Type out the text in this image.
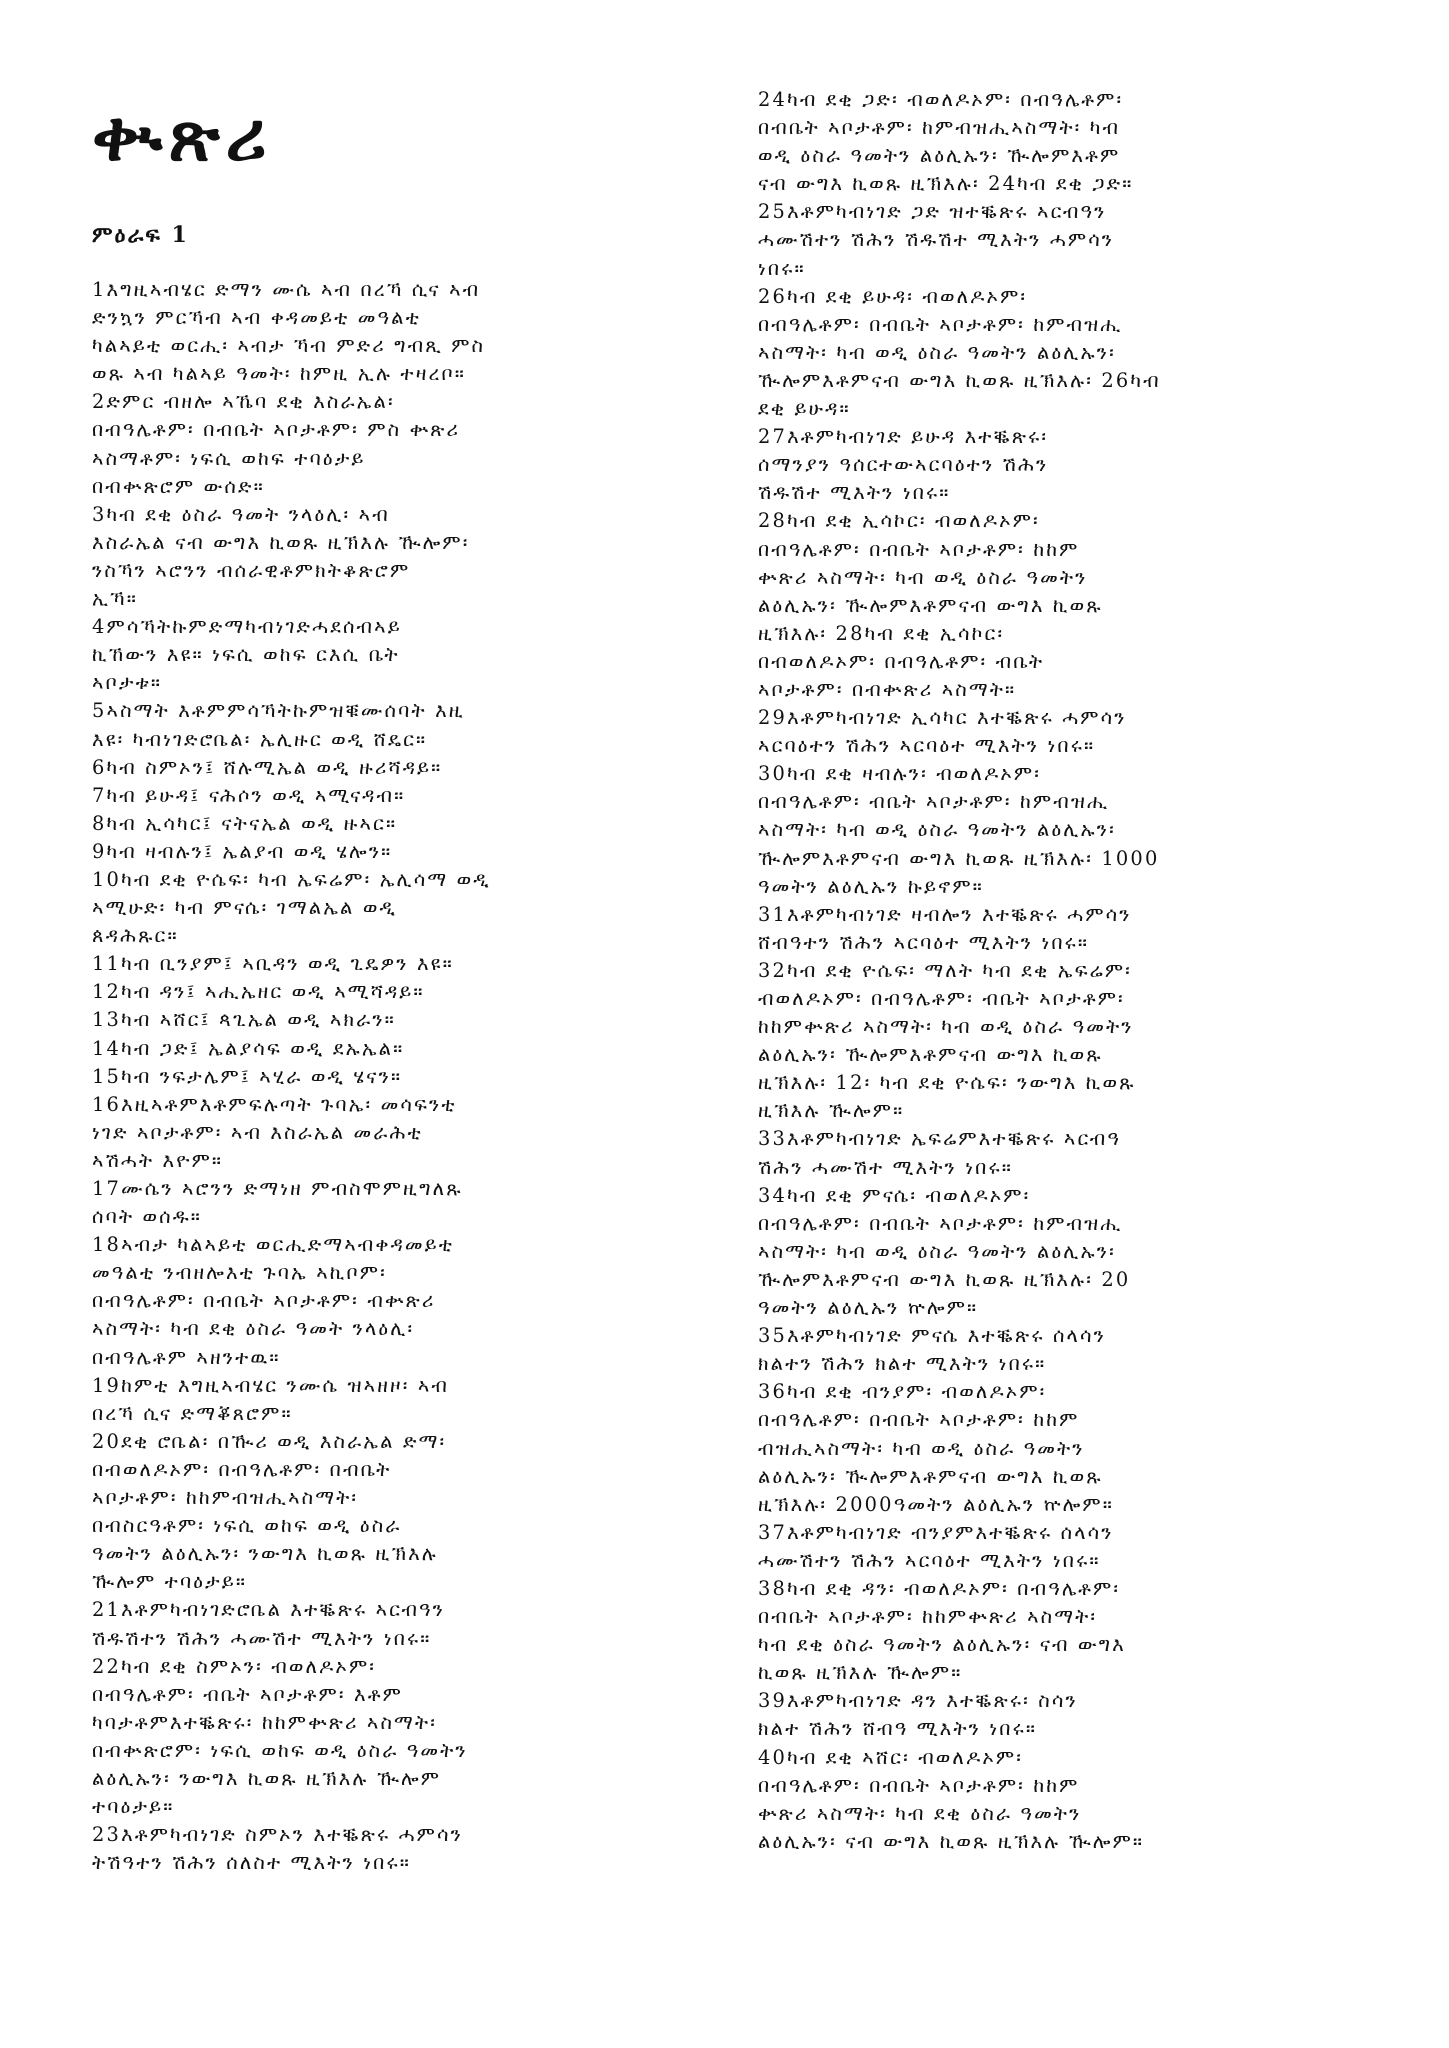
ቊጽሪ
ምዕራፍ 1
1እግዚኣብሄር ድማን ሙሴ ኣብ በረኻ ሲና ኣብ
ድንኳን ምርኻብ ኣብ ቀዳመይቲ መዓልቲ
ካልኣይቲ ወርሒ፡ ኣብታ ኻብ ምድሪ ግብጺ ምስ
ወጹ ኣብ ካልኣይ ዓመት፡ ከምዚ ኢሉ ተዛረቦ።
2ድምር ብዘሎ ኣኼባ ደቂ እስራኤል፡
በብዓሌቶም፡ በብቤት ኣቦታቶም፡ ምስ ቍጽሪ
ኣስማቶም፡ ነፍሲ ወከፍ ተባዕታይ
በብቍጽሮም ውሰድ።
3ካብ ደቂ ዕስራ ዓመት ንላዕሊ፡ ኣብ
እስራኤል ናብ ውግእ ኪወጹ ዚኽእሉ ዂሎም፡
ንስኻን ኣሮንን ብሰራዊቶምክትቆጽሮም
ኢኻ።
4ምሳኻትኩምድማካብነገድሓደሰብኣይ
ኪኸውን እዩ። ነፍሲ ወከፍ ርእሲ ቤት
ኣቦታቱ።
5ኣስማት እቶምምሳኻትኩምዝቑሙሰባት እዚ
እዩ፡ ካብነገድሮቤል፡ ኤሊዙር ወዲ ሸዴር።
6ካብ ስምኦን፤ ሸሉሚኤል ወዲ ዙሪሻዳይ።
7ካብ ይሁዳ፤ ናሕሶን ወዲ ኣሚናዳብ።
8ካብ ኢሳካር፤ ናትናኤል ወዲ ዙኣር።
9ካብ ዛብሉን፤ ኤልያብ ወዲ ሄሎን።
10ካብ ደቂ ዮሴፍ፡ ካብ ኤፍሬም፡ ኤሊሳማ ወዲ
ኣሚሁድ፡ ካብ ምናሴ፡ ገማልኤል ወዲ
ጰዳሕጹር።
11ካብ ቢንያም፤ ኣቢዳን ወዲ ጊዴዎን እዩ።
12ካብ ዳን፤ ኣሒኤዘር ወዲ ኣሚሻዳይ።
13ካብ ኣሸር፤ ጳጊኤል ወዲ ኣክራን።
14ካብ ጋድ፤ ኤልያሳፍ ወዲ ደኡኤል።
15ካብ ንፍታሌም፤ ኣሂራ ወዲ ሄናን።
16እዚኣቶምእቶምፍሉጣት ጉባኤ፡ መሳፍንቲ
ነገድ ኣቦታቶም፡ ኣብ እስራኤል መራሕቲ
ኣሽሓት እዮም።
17ሙሴን ኣሮንን ድማነዘ ምብስሞምዚግለጹ
ሰባት ወሰዱ።
18ኣብታ ካልኣይቲ ወርሒድማኣብቀዳመይቲ
መዓልቲ ንብዘሎእቲ ጉባኤ ኣኪቦም፡
በብዓሌቶም፡ በብቤት ኣቦታቶም፡ ብቍጽሪ
ኣስማት፡ ካብ ደቂ ዕስራ ዓመት ንላዕሊ፡
በብዓሌቶም ኣዘንተዉ።
19ከምቲ እግዚኣብሄር ንሙሴ ዝኣዘዞ፡ ኣብ
በረኻ ሲና ድማቖጸሮም።
20ደቂ ሮቤል፡ በዂሪ ወዲ እስራኤል ድማ፡
በብወለዶኦም፡ በብዓሌቶም፡ በብቤት
ኣቦታቶም፡ ከከምብዝሒኣስማት፡
በብስርዓቶም፡ ነፍሲ ወከፍ ወዲ ዕስራ
ዓመትን ልዕሊኡን፡ ንውግእ ኪወጹ ዚኽእሉ
ዂሎም ተባዕታይ።
21እቶምካብነገድሮቤል እተቘጽሩ ኣርብዓን
ሽዱሽተን ሽሕን ሓሙሽተ ሚእትን ነበሩ።
22ካብ ደቂ ስምኦን፡ ብወለዶኦም፡
በብዓሌቶም፡ ብቤት ኣቦታቶም፡ እቶም
ካባታቶምእተቘጽሩ፡ ከከምቍጽሪ ኣስማት፡
በብቍጽሮም፡ ነፍሲ ወከፍ ወዲ ዕስራ ዓመትን
ልዕሊኡን፡ ንውግእ ኪወጹ ዚኽእሉ ዂሎም
ተባዕታይ።
23እቶምካብነገድ ስምኦን እተቘጽሩ ሓምሳን
ትሽዓተን ሽሕን ሰለስተ ሚእትን ነበሩ።
24ካብ ደቂ ጋድ፡ ብወለዶኦም፡ በብዓሌቶም፡
በብቤት ኣቦታቶም፡ ከምብዝሒኣስማት፡ ካብ
ወዲ ዕስራ ዓመትን ልዕሊኡን፡ ዂሎምእቶም
ናብ ውግእ ኪወጹ ዚኽእሉ፡ 24ካብ ደቂ ጋድ።
25እቶምካብነገድ ጋድ ዝተቘጽሩ ኣርብዓን
ሓሙሽተን ሽሕን ሽዱሽተ ሚእትን ሓምሳን
ነበሩ።
26ካብ ደቂ ይሁዳ፡ ብወለዶኦም፡
በብዓሌቶም፡ በብቤት ኣቦታቶም፡ ከምብዝሒ
ኣስማት፡ ካብ ወዲ ዕስራ ዓመትን ልዕሊኡን፡
ዂሎምእቶምናብ ውግእ ኪወጹ ዚኽእሉ፡ 26ካብ
ደቂ ይሁዳ።
27እቶምካብነገድ ይሁዳ እተቘጽሩ፡
ሰማንያን ዓሰርተውኣርባዕተን ሽሕን
ሽዱሽተ ሚእትን ነበሩ።
28ካብ ደቂ ኢሳኮር፡ ብወለዶኦም፡
በብዓሌቶም፡ በብቤት ኣቦታቶም፡ ከከም
ቍጽሪ ኣስማት፡ ካብ ወዲ ዕስራ ዓመትን
ልዕሊኡን፡ ዂሎምእቶምናብ ውግእ ኪወጹ
ዚኽእሉ፡ 28ካብ ደቂ ኢሳኮር፡
በብወለዶኦም፡ በብዓሌቶም፡ ብቤት
ኣቦታቶም፡ በብቍጽሪ ኣስማት።
29እቶምካብነገድ ኢሳካር እተቘጽሩ ሓምሳን
ኣርባዕተን ሽሕን ኣርባዕተ ሚእትን ነበሩ።
30ካብ ደቂ ዛብሉን፡ ብወለዶኦም፡
በብዓሌቶም፡ ብቤት ኣቦታቶም፡ ከምብዝሒ
ኣስማት፡ ካብ ወዲ ዕስራ ዓመትን ልዕሊኡን፡
ዂሎምእቶምናብ ውግእ ኪወጹ ዚኽእሉ፡ 1000
ዓመትን ልዕሊኡን ኩይኖም።
31እቶምካብነገድ ዛብሎን እተቘጽሩ ሓምሳን
ሸብዓተን ሽሕን ኣርባዕተ ሚእትን ነበሩ።
32ካብ ደቂ ዮሴፍ፡ ማለት ካብ ደቂ ኤፍሬም፡
ብወለዶኦም፡ በብዓሌቶም፡ ብቤት ኣቦታቶም፡
ከከምቍጽሪ ኣስማት፡ ካብ ወዲ ዕስራ ዓመትን
ልዕሊኡን፡ ዂሎምእቶምናብ ውግእ ኪወጹ
ዚኽእሉ፡ 12፡ ካብ ደቂ ዮሴፍ፡ ንውግእ ኪወጹ
ዚኽእሉ ዂሎም።
33እቶምካብነገድ ኤፍሬምእተቘጽሩ ኣርብዓ
ሽሕን ሓሙሽተ ሚእትን ነበሩ።
34ካብ ደቂ ምናሴ፡ ብወለዶኦም፡
በብዓሌቶም፡ በብቤት ኣቦታቶም፡ ከምብዝሒ
ኣስማት፡ ካብ ወዲ ዕስራ ዓመትን ልዕሊኡን፡
ዂሎምእቶምናብ ውግእ ኪወጹ ዚኽእሉ፡ 20
ዓመትን ልዕሊኡን ኵሎም።
35እቶምካብነገድ ምናሴ እተቘጽሩ ሰላሳን
ክልተን ሽሕን ክልተ ሚእትን ነበሩ።
36ካብ ደቂ ብንያም፡ ብወለዶኦም፡
በብዓሌቶም፡ በብቤት ኣቦታቶም፡ ከከም
ብዝሒኣስማት፡ ካብ ወዲ ዕስራ ዓመትን
ልዕሊኡን፡ ዂሎምእቶምናብ ውግእ ኪወጹ
ዚኽእሉ፡ 2000ዓመትን ልዕሊኡን ኵሎም።
37እቶምካብነገድ ብንያምእተቘጽሩ ሰላሳን
ሓሙሽተን ሽሕን ኣርባዕተ ሚእትን ነበሩ።
38ካብ ደቂ ዳን፡ ብወለዶኦም፡ በብዓሌቶም፡
በብቤት ኣቦታቶም፡ ከከምቍጽሪ ኣስማት፡
ካብ ደቂ ዕስራ ዓመትን ልዕሊኡን፡ ናብ ውግእ
ኪወጹ ዚኽእሉ ዂሎም።
39እቶምካብነገድ ዳን እተቘጽሩ፡ ስሳን
ክልተ ሽሕን ሸብዓ ሚእትን ነበሩ።
40ካብ ደቂ ኣሸር፡ ብወለዶኦም፡
በብዓሌቶም፡ በብቤት ኣቦታቶም፡ ከከም
ቍጽሪ ኣስማት፡ ካብ ደቂ ዕስራ ዓመትን
ልዕሊኡን፡ ናብ ውግእ ኪወጹ ዚኽእሉ ዂሎም።
